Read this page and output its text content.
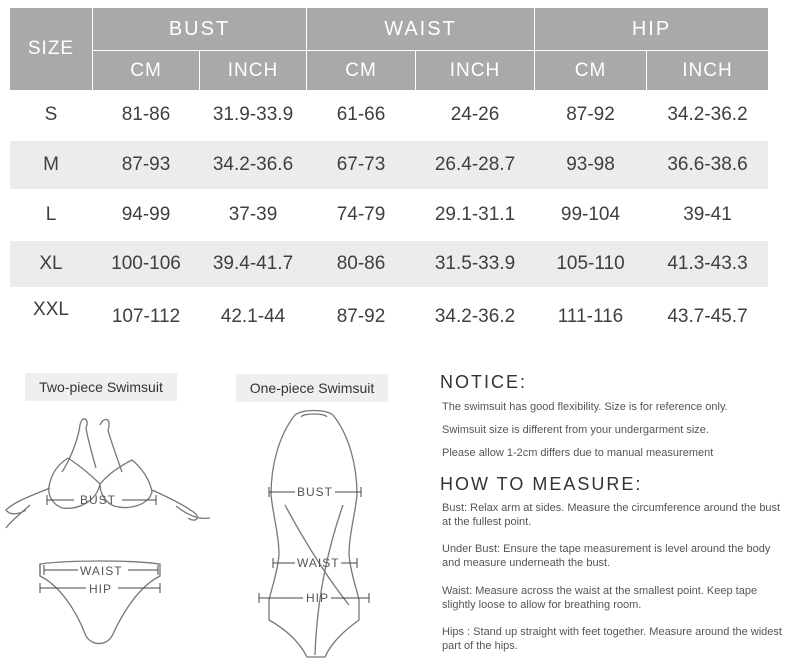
SIZE
BUST	WAIST	HIP
CM	INCH	CM	INCH	CM	INCH
S	81-86	31.9-33.9	61-66	24-26	87-92	34.2-36.2
M	87-93	34.2-36.6	67-73	26.4-28.7	93-98	36.6-38.6
L	94-99	37-39	74-79	29.1-31.1	99-104	39-41
XL	100-106	39.4-41.7	80-86	31.5-33.9	105-110	41.3-43.3
XXL	107-112	42.1-44	87-92	34.2-36.2	111-116	43.7-45.7
Two-piece Swimsuit	One-piece Swimsuit
BUST
WAIST
HIP
BUST
WAIST
HIP
NOTICE:
The swimsuit has good flexibility. Size is for reference only.
Swimsuit size is different from your undergarment size.
Please allow 1-2cm differs due to manual measurement
HOW TO MEASURE:
Bust: Relax arm at sides. Measure the circumference around the bust at the fullest point.
Under Bust: Ensure the tape measurement is level around the body and measure underneath the bust.
Waist: Measure across the waist at the smallest point. Keep tape slightly loose to allow for breathing room.
Hips : Stand up straight with feet together. Measure around the widest part of the hips.
